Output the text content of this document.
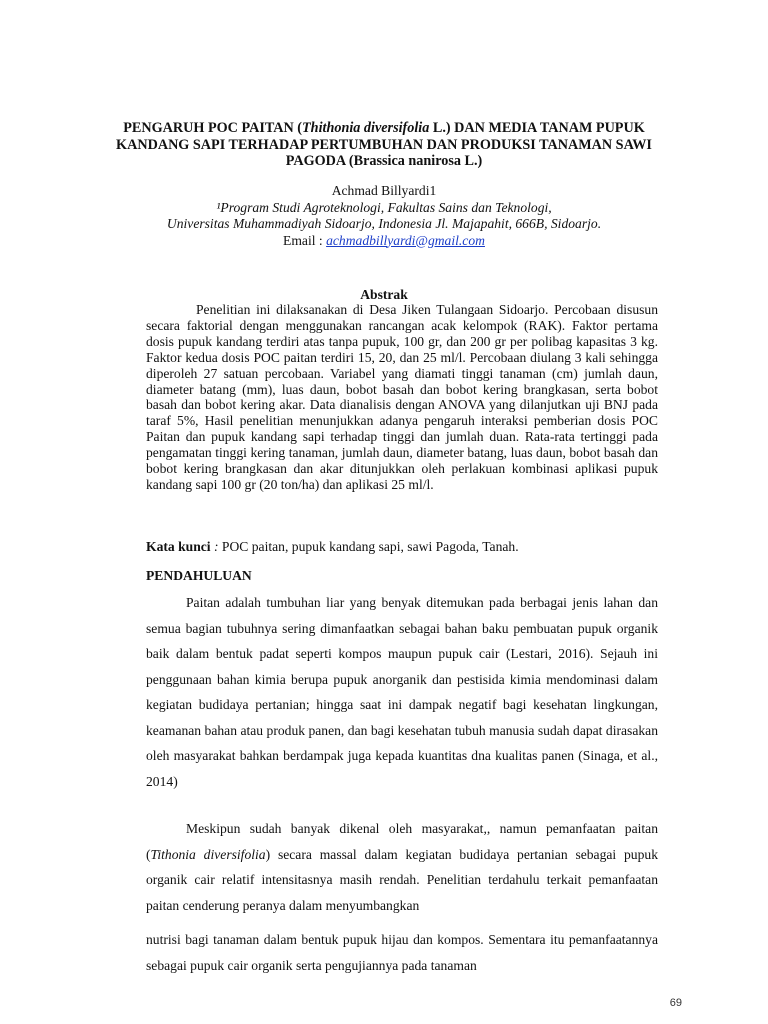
PENGARUH POC PAITAN (Thithonia diversifolia L.) DAN MEDIA TANAM PUPUK KANDANG SAPI TERHADAP PERTUMBUHAN DAN PRODUKSI TANAMAN SAWI PAGODA (Brassica nanirosa L.)
Achmad Billyardi1
¹Program Studi Agroteknologi, Fakultas Sains dan Teknologi,
Universitas Muhammadiyah Sidoarjo, Indonesia Jl. Majapahit, 666B, Sidoarjo.
Email : achmadbillyardi@gmail.com
Abstrak

Penelitian ini dilaksanakan di Desa Jiken Tulangaan Sidoarjo. Percobaan disusun secara faktorial dengan menggunakan rancangan acak kelompok (RAK). Faktor pertama dosis pupuk kandang terdiri atas tanpa pupuk, 100 gr, dan 200 gr per polibag kapasitas 3 kg. Faktor kedua dosis POC paitan terdiri 15, 20, dan 25 ml/l. Percobaan diulang 3 kali sehingga diperoleh 27 satuan percobaan. Variabel yang diamati tinggi tanaman (cm) jumlah daun, diameter batang (mm), luas daun, bobot basah dan bobot kering brangkasan, serta bobot basah dan bobot kering akar. Data dianalisis dengan ANOVA yang dilanjutkan uji BNJ pada taraf 5%, Hasil penelitian menunjukkan adanya pengaruh interaksi pemberian dosis POC Paitan dan pupuk kandang sapi terhadap tinggi dan jumlah duan. Rata-rata tertinggi pada pengamatan tinggi kering tanaman, jumlah daun, diameter batang, luas daun, bobot basah dan bobot kering brangkasan dan akar ditunjukkan oleh perlakuan kombinasi aplikasi pupuk kandang sapi 100 gr (20 ton/ha) dan aplikasi 25 ml/l.

Kata kunci : POC paitan, pupuk kandang sapi, sawi Pagoda, Tanah.
PENDAHULUAN

Paitan adalah tumbuhan liar yang benyak ditemukan pada berbagai jenis lahan dan semua bagian tubuhnya sering dimanfaatkan sebagai bahan baku pembuatan pupuk organik baik dalam bentuk padat seperti kompos maupun pupuk cair (Lestari, 2016). Sejauh ini penggunaan bahan kimia berupa pupuk anorganik dan pestisida kimia mendominasi dalam kegiatan budidaya pertanian; hingga saat ini dampak negatif bagi kesehatan lingkungan, keamanan bahan atau produk panen, dan bagi kesehatan tubuh manusia sudah dapat dirasakan oleh masyarakat bahkan berdampak juga kepada kuantitas dna kualitas panen (Sinaga, et al., 2014)

Meskipun sudah banyak dikenal oleh masyarakat,, namun pemanfaatan paitan (Tithonia diversifolia) secara massal dalam kegiatan budidaya pertanian sebagai pupuk organik cair relatif intensitasnya masih rendah. Penelitian terdahulu terkait pemanfaatan paitan cenderung peranya dalam menyumbangkan

nutrisi bagi tanaman dalam bentuk pupuk hijau dan kompos. Sementara itu pemanfaatannya sebagai pupuk cair organik serta pengujiannya pada tanaman

69
